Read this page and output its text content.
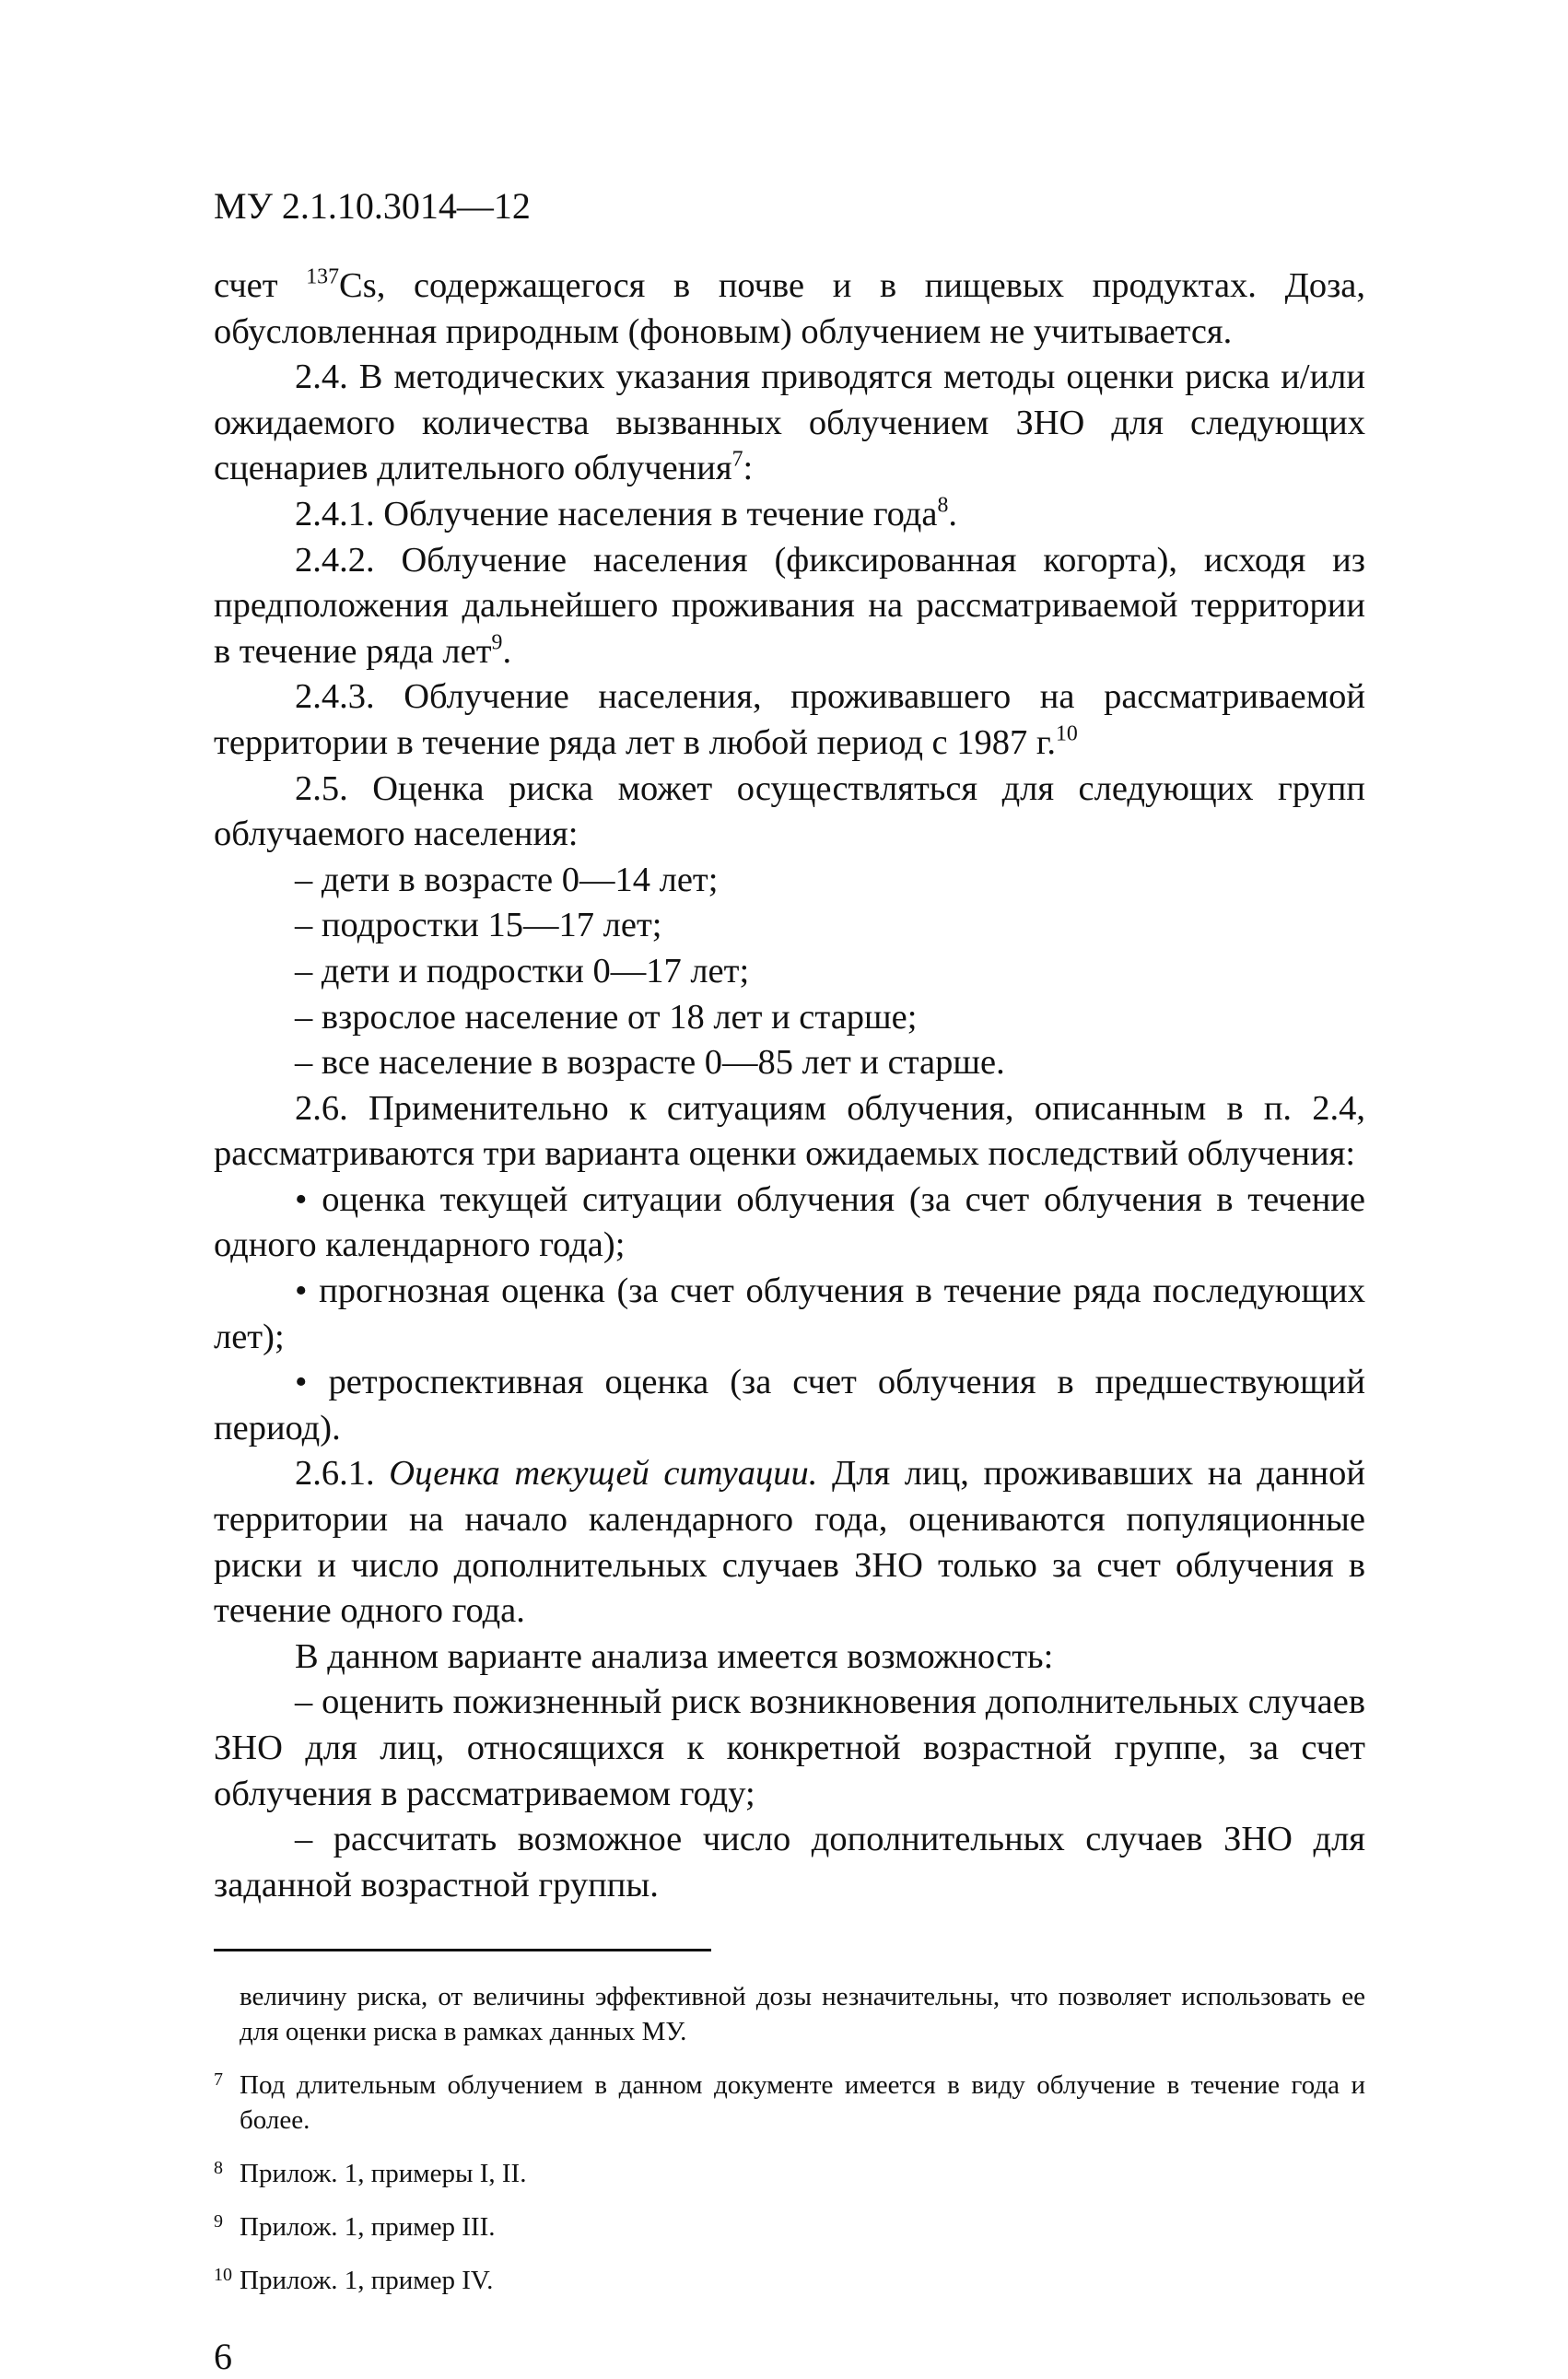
МУ 2.1.10.3014—12

счет $^{137}$Cs, содержащегося в почве и в пищевых продуктах. Доза, обусловленная природным (фоновым) облучением не учитывается.

2.4. В методических указания приводятся методы оценки риска и/или ожидаемого количества вызванных облучением ЗНО для следующих сценариев длительного облучения$^7$:

2.4.1. Облучение населения в течение года$^8$.

2.4.2. Облучение населения (фиксированная когорта), исходя из предположения дальнейшего проживания на рассматриваемой территории в течение ряда лет$^9$.

2.4.3. Облучение населения, проживавшего на рассматриваемой территории в течение ряда лет в любой период с 1987 г.$^{10}$

2.5. Оценка риска может осуществляться для следующих групп облучаемого населения:

– дети в возрасте 0—14 лет;

– подростки 15—17 лет;

– дети и подростки 0—17 лет;

– взрослое население от 18 лет и старше;

– все население в возрасте 0—85 лет и старше.

2.6. Применительно к ситуациям облучения, описанным в п. 2.4, рассматриваются три варианта оценки ожидаемых последствий облучения:

• оценка текущей ситуации облучения (за счет облучения в течение одного календарного года);

• прогнозная оценка (за счет облучения в течение ряда последующих лет);

• ретроспективная оценка (за счет облучения в предшествующий период).

2.6.1. Оценка текущей ситуации. Для лиц, проживавших на данной территории на начало календарного года, оцениваются популяционные риски и число дополнительных случаев ЗНО только за счет облучения в течение одного года.

В данном варианте анализа имеется возможность:

– оценить пожизненный риск возникновения дополнительных случаев ЗНО для лиц, относящихся к конкретной возрастной группе, за счет облучения в рассматриваемом году;

– рассчитать возможное число дополнительных случаев ЗНО для заданной возрастной группы.

величину риска, от величины эффективной дозы незначительны, что позволяет использовать ее для оценки риска в рамках данных МУ.

7 Под длительным облучением в данном документе имеется в виду облучение в течение года и более.

8 Прилож. 1, примеры I, II.

9 Прилож. 1, пример III.

10 Прилож. 1, пример IV.

6
